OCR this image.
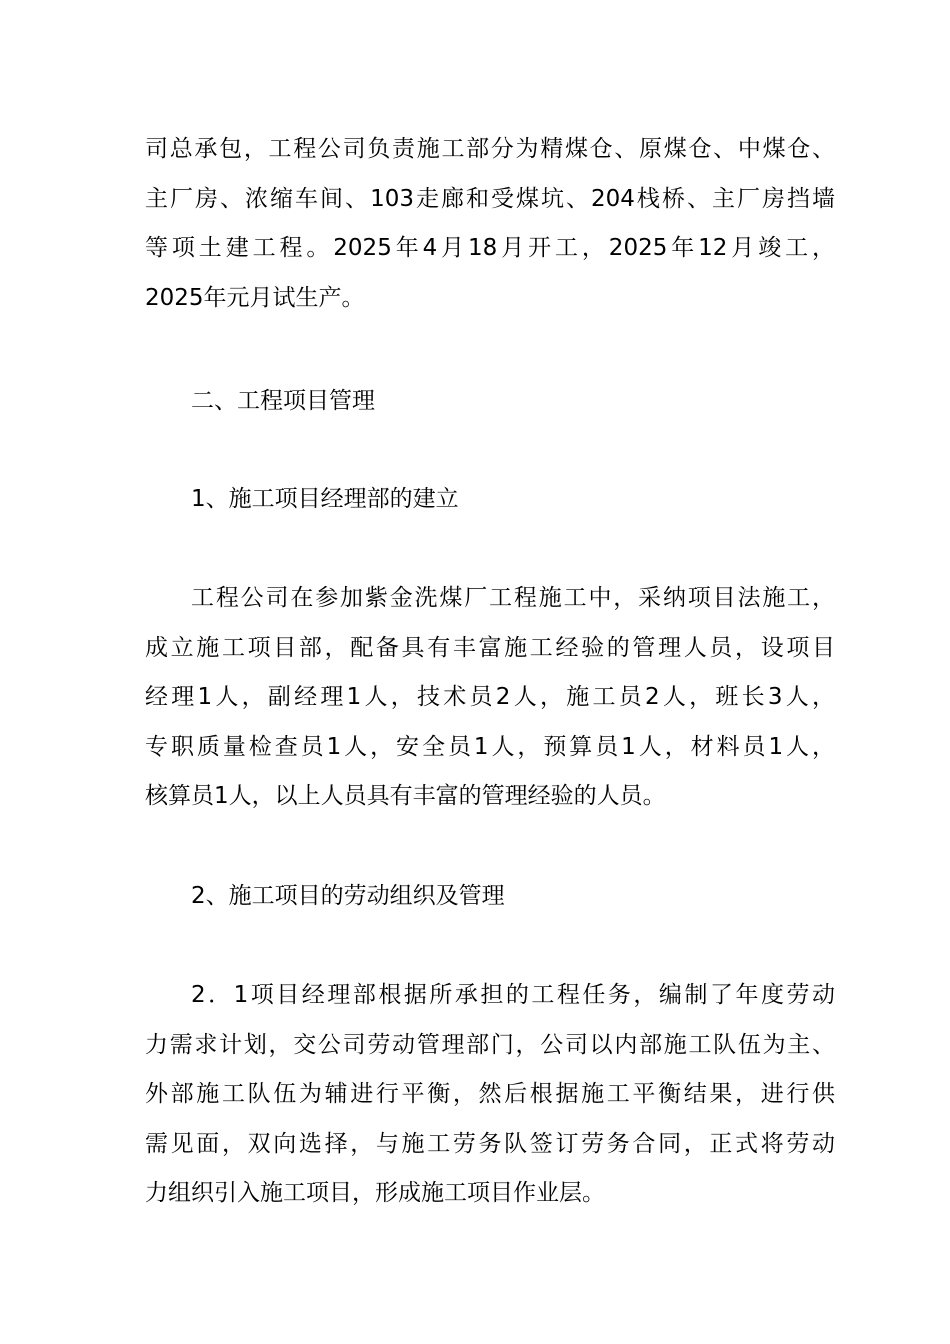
司总承包，工程公司负责施工部分为精煤仓、原煤仓、中煤仓、
主厂房、浓缩车间、103走廊和受煤坑、204栈桥、主厂房挡墙
等项土建工程。2025年4月18月开工，2025年12月竣工，
2025年元月试生产。
二、工程项目管理
1、施工项目经理部的建立
工程公司在参加紫金洗煤厂工程施工中，采纳项目法施工，
成立施工项目部，配备具有丰富施工经验的管理人员，设项目
经理1人，副经理1人，技术员2人，施工员2人，班长3人，
专职质量检查员1人，安全员1人，预算员1人，材料员1人，
核算员1人，以上人员具有丰富的管理经验的人员。
2、施工项目的劳动组织及管理
2．1项目经理部根据所承担的工程任务，编制了年度劳动
力需求计划，交公司劳动管理部门，公司以内部施工队伍为主、
外部施工队伍为辅进行平衡，然后根据施工平衡结果，进行供
需见面，双向选择，与施工劳务队签订劳务合同，正式将劳动
力组织引入施工项目，形成施工项目作业层。
